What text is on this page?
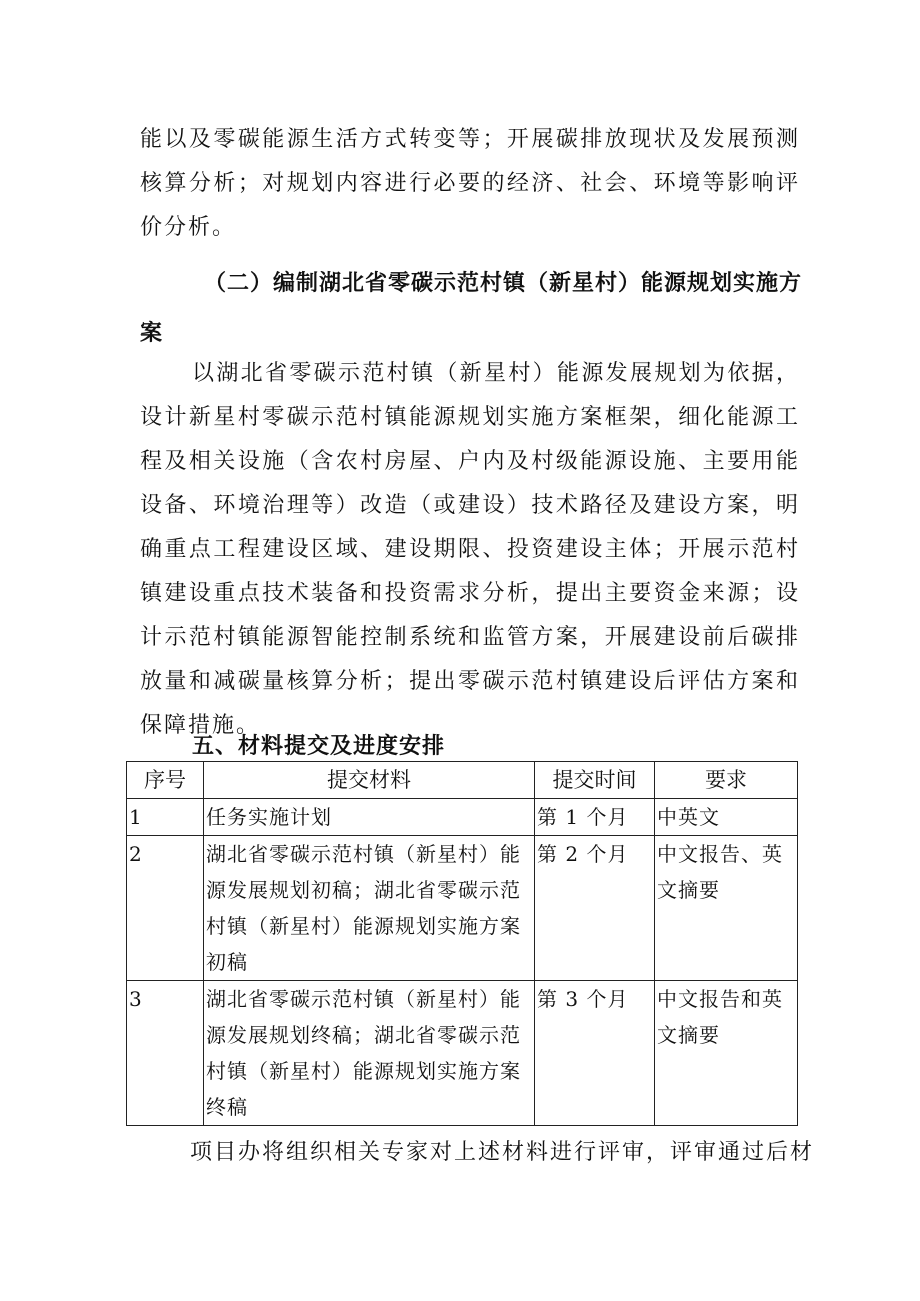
能以及零碳能源生活方式转变等；开展碳排放现状及发展预测核算分析；对规划内容进行必要的经济、社会、环境等影响评价分析。

（二）编制湖北省零碳示范村镇（新星村）能源规划实施方案

以湖北省零碳示范村镇（新星村）能源发展规划为依据，设计新星村零碳示范村镇能源规划实施方案框架，细化能源工程及相关设施（含农村房屋、户内及村级能源设施、主要用能设备、环境治理等）改造（或建设）技术路径及建设方案，明确重点工程建设区域、建设期限、投资建设主体；开展示范村镇建设重点技术装备和投资需求分析，提出主要资金来源；设计示范村镇能源智能控制系统和监管方案，开展建设前后碳排放量和减碳量核算分析；提出零碳示范村镇建设后评估方案和保障措施。

五、材料提交及进度安排

序号	提交材料	提交时间	要求
1	任务实施计划	第 1 个月	中英文
2	湖北省零碳示范村镇（新星村）能源发展规划初稿；湖北省零碳示范村镇（新星村）能源规划实施方案初稿	第 2 个月	中文报告、英文摘要
3	湖北省零碳示范村镇（新星村）能源发展规划终稿；湖北省零碳示范村镇（新星村）能源规划实施方案终稿	第 3 个月	中文报告和英文摘要

项目办将组织相关专家对上述材料进行评审，评审通过后材
